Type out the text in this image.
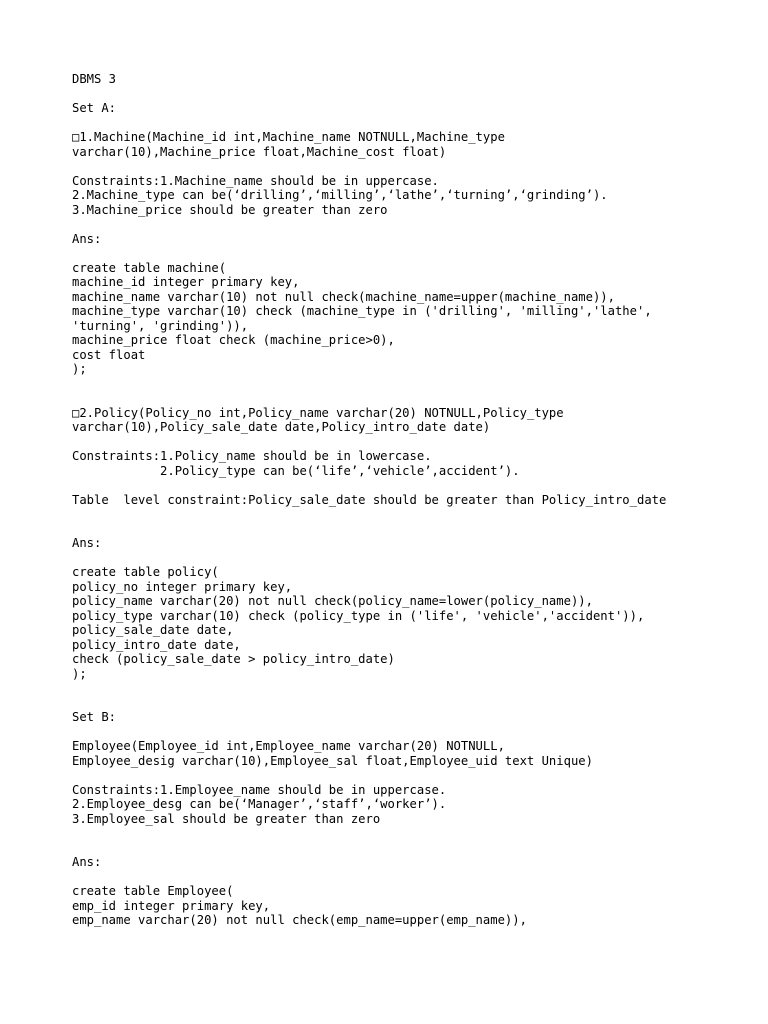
DBMS 3
Set A:
□1.Machine(Machine_id int,Machine_name NOTNULL,Machine_type
varchar(10),Machine_price float,Machine_cost float)
Constraints:1.Machine_name should be in uppercase.
2.Machine_type can be(‘drilling’,‘milling’,‘lathe’,‘turning’,‘grinding’).
3.Machine_price should be greater than zero
Ans:
create table machine(
machine_id integer primary key,
machine_name varchar(10) not null check(machine_name=upper(machine_name)),
machine_type varchar(10) check (machine_type in ('drilling', 'milling','lathe',
'turning', 'grinding')),
machine_price float check (machine_price>0),
cost float
);
□2.Policy(Policy_no int,Policy_name varchar(20) NOTNULL,Policy_type
varchar(10),Policy_sale_date date,Policy_intro_date date)
Constraints:1.Policy_name should be in lowercase.
2.Policy_type can be(‘life’,‘vehicle’,accident’).
Table  level constraint:Policy_sale_date should be greater than Policy_intro_date
Ans:
create table policy(
policy_no integer primary key,
policy_name varchar(20) not null check(policy_name=lower(policy_name)),
policy_type varchar(10) check (policy_type in ('life', 'vehicle','accident')),
policy_sale_date date,
policy_intro_date date,
check (policy_sale_date > policy_intro_date)
);
Set B:
Employee(Employee_id int,Employee_name varchar(20) NOTNULL,
Employee_desig varchar(10),Employee_sal float,Employee_uid text Unique)
Constraints:1.Employee_name should be in uppercase.
2.Employee_desg can be(‘Manager’,‘staff’,‘worker’).
3.Employee_sal should be greater than zero
Ans:
create table Employee(
emp_id integer primary key,
emp_name varchar(20) not null check(emp_name=upper(emp_name)),
